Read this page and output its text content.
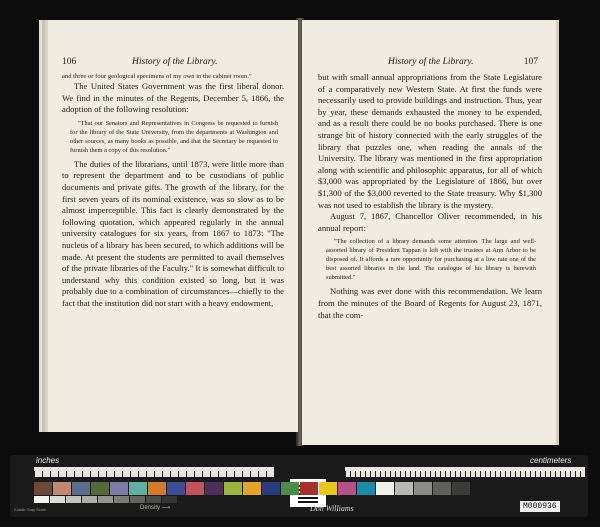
106	History of the Library.

and three or four geological specimens of my own in the cabinet room."

The United States Government was the first liberal donor. We find in the minutes of the Regents, December 5, 1866, the adoption of the following resolution:

"That our Senators and Representatives in Congress be requested to furnish for the library of the State University, from the departments at Washington and other sources, as many books as possible, and that the Secretary be requested to furnish them a copy of this resolution."

The duties of the librarians, until 1873, were little more than to represent the department and to be custodians of public documents and private gifts. The growth of the library, for the first seven years of its nominal existence, was so slow as to be almost imperceptible. This fact is clearly demonstrated by the following quotation, which appeared regularly in the annual university catalogues for six years, from 1867 to 1873: "The nucleus of a library has been secured, to which additions will be made. At present the students are permitted to avail themselves of the private libraries of the Faculty." It is somewhat difficult to understand why this condition existed so long, but it was probably due to a combination of circumstances—chiefly to the fact that the institution did not start with a heavy endowment,

History of the Library.	107

but with small annual appropriations from the State Legislature of a comparatively new Western State. At first the funds were necessarily used to provide buildings and instruction. Thus, year by year, these demands exhausted the money to be expended, and as a result there could be no books purchased. There is one strange bit of history connected with the early struggles of the library that puzzles one, when reading the annals of the University. The library was mentioned in the first appropriation along with scientific and philosophic apparatus, for all of which $3,000 was appropriated by the Legislature of 1866, but over $1,300 of the $3,000 reverted to the State treasury. Why $1,300 was not used to establish the library is the mystery.

August 7, 1867, Chancellor Oliver recommended, in his annual report:

"The collection of a library demands some attention. The large and well-assorted library of President Tappan is left with the trustees at Ann Arbor to be disposed of. It affords a rare opportunity for purchasing at a low rate one of the best assorted libraries in the land. The catalogue of his library is herewith submitted."

Nothing was ever done with this recommendation. We learn from the minutes of the Board of Regents for August 23, 1871, that the com-

inches	centimeters
Kodak Gray Scale	Density ⟶	Don Williams	M000936
